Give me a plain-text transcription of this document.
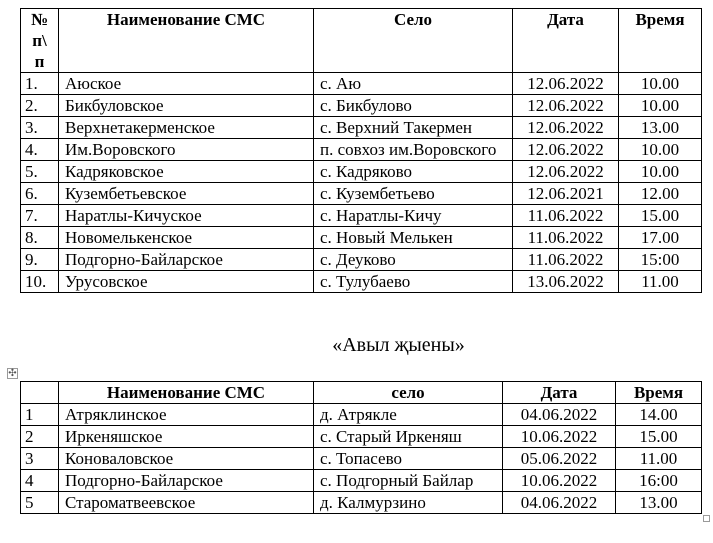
№
п\
п	Наименование СМС	Село	Дата	Время
1.	Аюское	с. Аю	12.06.2022	10.00
2.	Бикбуловское	с. Бикбулово	12.06.2022	10.00
3.	Верхнетакерменское	с. Верхний Такермен	12.06.2022	13.00
4.	Им.Воровского	п. совхоз им.Воровского	12.06.2022	10.00
5.	Кадряковское	с. Кадряково	12.06.2022	10.00
6.	Кузембетьевское	с. Кузембетьево	12.06.2021	12.00
7.	Наратлы-Кичуское	с. Наратлы-Кичу	11.06.2022	15.00
8.	Новомелькенское	с. Новый Мелькен	11.06.2022	17.00
9.	Подгорно-Байларское	с. Деуково	11.06.2022	15:00
10.	Урусовское	с. Тулубаево	13.06.2022	11.00
«Авыл җыены»
✣
	Наименование СМС	село	Дата	Время
1	Атряклинское	д. Атрякле	04.06.2022	14.00
2	Иркеняшское	с. Старый Иркеняш	10.06.2022	15.00
3	Коноваловское	с. Топасево	05.06.2022	11.00
4	Подгорно-Байларское	с. Подгорный Байлар	10.06.2022	16:00
5	Староматвеевское	д. Калмурзино	04.06.2022	13.00
